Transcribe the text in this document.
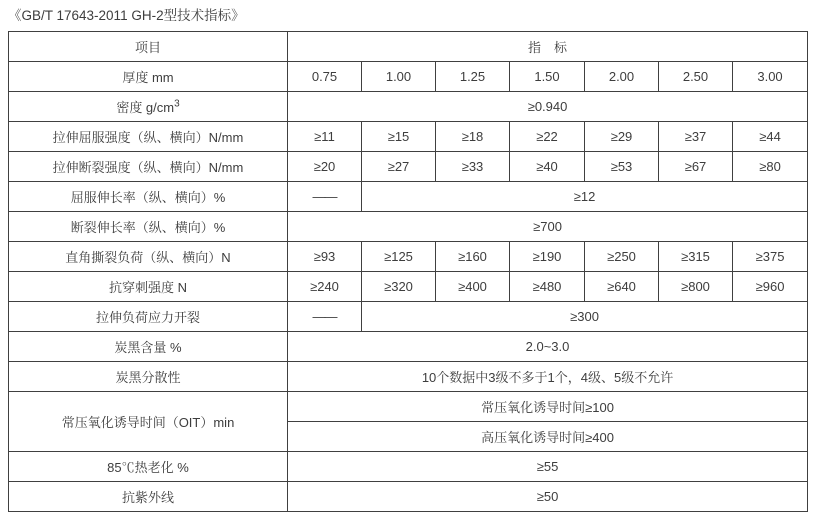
《GB/T 17643-2011 GH-2型技术指标》
项目	指　标						
厚度 mm	0.75	1.00	1.25	1.50	2.00	2.50	3.00
密度 $g/cm^3$	≥0.940						
拉伸屈服强度（纵、横向）N/mm	≥11	≥15	≥18	≥22	≥29	≥37	≥44
拉伸断裂强度（纵、横向）N/mm	≥20	≥27	≥33	≥40	≥53	≥67	≥80
屈服伸长率（纵、横向）%	——	≥12					
断裂伸长率（纵、横向）%	≥700						
直角撕裂负荷（纵、横向）N	≥93	≥125	≥160	≥190	≥250	≥315	≥375
抗穿刺强度 N	≥240	≥320	≥400	≥480	≥640	≥800	≥960
拉伸负荷应力开裂	——	≥300					
炭黑含量 %	2.0~3.0						
炭黑分散性	10个数据中3级不多于1个，4级、5级不允许						
常压氧化诱导时间（OIT）min	常压氧化诱导时间≥100						
	高压氧化诱导时间≥400						
85℃热老化 %	≥55						
抗紫外线	≥50						
